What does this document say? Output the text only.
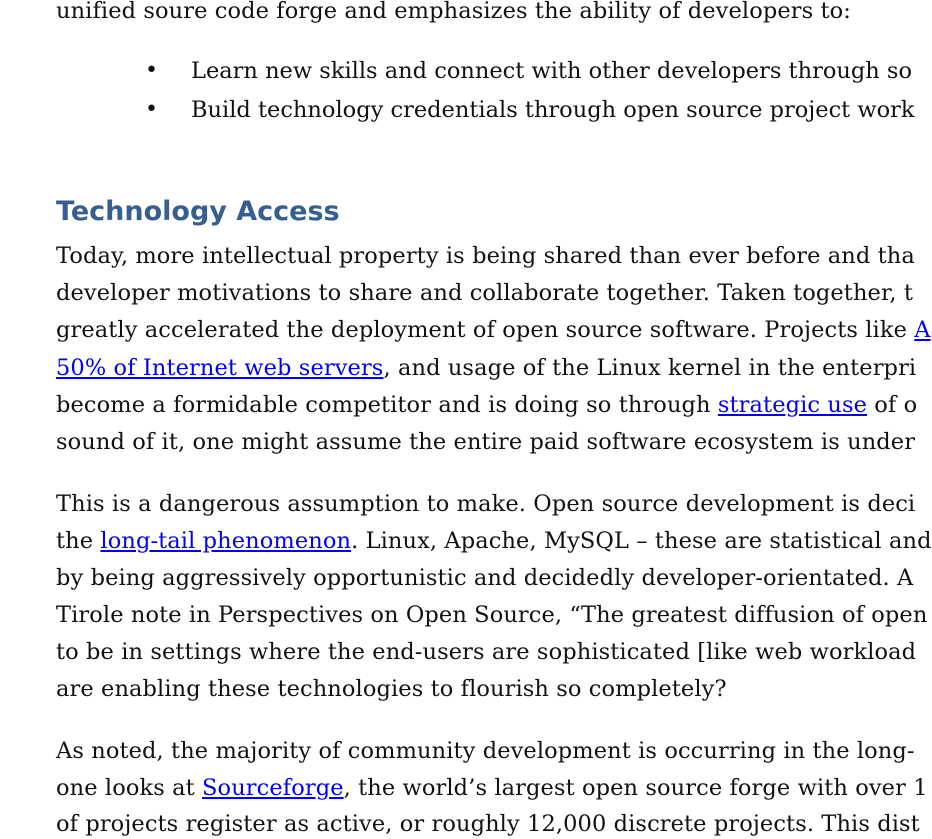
unified soure code forge and emphasizes the ability of developers to:
• Learn new skills and connect with other developers through so
• Build technology credentials through open source project work
Technology Access
Today, more intellectual property is being shared than ever before and tha
developer motivations to share and collaborate together. Taken together, t
greatly accelerated the deployment of open source software. Projects like A
50% of Internet web servers, and usage of the Linux kernel in the enterpri
become a formidable competitor and is doing so through strategic use of o
sound of it, one might assume the entire paid software ecosystem is under
This is a dangerous assumption to make. Open source development is deci
the long-tail phenomenon. Linux, Apache, MySQL – these are statistical and
by being aggressively opportunistic and decidedly developer-orientated. A
Tirole note in Perspectives on Open Source, “The greatest diffusion of open
to be in settings where the end-users are sophisticated [like web workload
are enabling these technologies to flourish so completely?
As noted, the majority of community development is occurring in the long-
one looks at Sourceforge, the world’s largest open source forge with over 1
of projects register as active, or roughly 12,000 discrete projects. This dist
